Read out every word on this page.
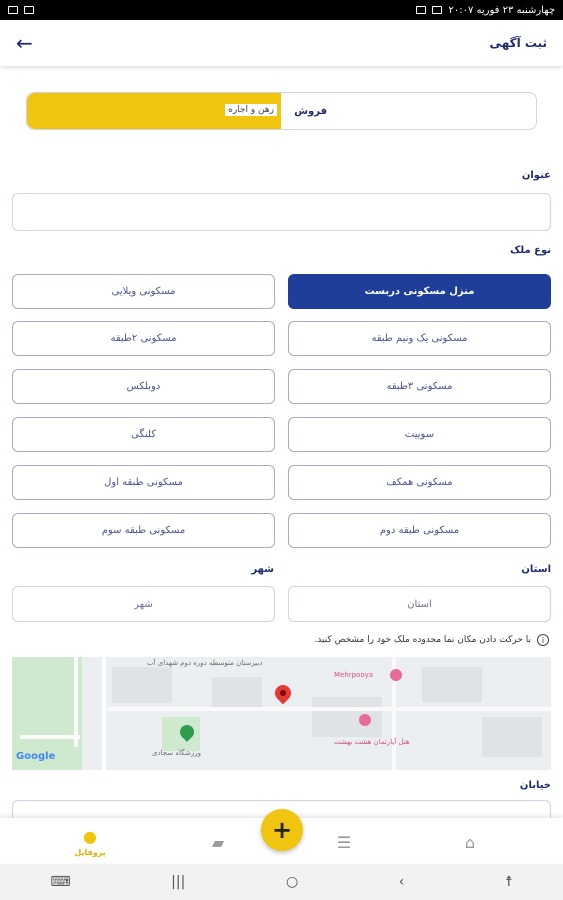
چهارشنبه ۲۳ فوریه ۲۰:۰۷
ثبت آگهی
←
رهن و اجاره	فروش
عنوان
نوع ملک
منزل مسکونی دربست
مسکونی ویلایی
مسکونی یک ونیم طبقه
مسکونی ۲طبقه
مسکونی ۳طبقه
دوبلکس
سوییت
کلنگی
مسکونی همکف
مسکونی طبقه اول
مسکونی طبقه دوم
مسکونی طبقه سوم
استان
شهر
استان
شهر
i
با حرکت دادن مکان نما محدوده ملک خود را مشخص کنید.
دبیرستان متوسطه دوره دوم شهدای آب
Mehrpooya
هتل آپارتمان هشت بهشت
ورزشگاه سجادی
Google
خیابان
●
پروفایل
▰	☰	⌂
+
⌨	|||	○	‹	☨
